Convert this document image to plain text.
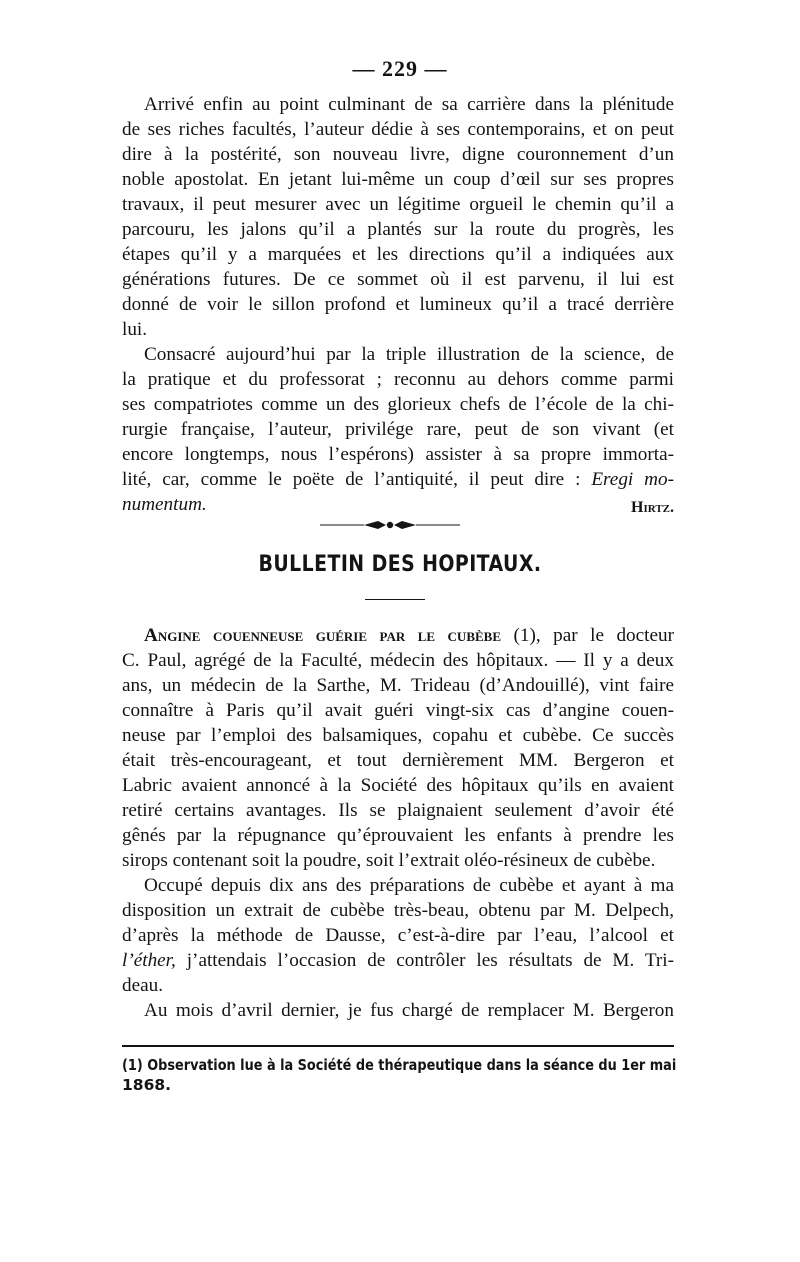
— 229 —
Arrivé enfin au point culminant de sa carrière dans la plénitude
de ses riches facultés, l’auteur dédie à ses contemporains, et on peut
dire à la postérité, son nouveau livre, digne couronnement d’un
noble apostolat. En jetant lui-même un coup d’œil sur ses propres
travaux, il peut mesurer avec un légitime orgueil le chemin qu’il a
parcouru, les jalons qu’il a plantés sur la route du progrès, les
étapes qu’il y a marquées et les directions qu’il a indiquées aux
générations futures. De ce sommet où il est parvenu, il lui est
donné de voir le sillon profond et lumineux qu’il a tracé derrière
lui.
Consacré aujourd’hui par la triple illustration de la science, de
la pratique et du professorat ; reconnu au dehors comme parmi
ses compatriotes comme un des glorieux chefs de l’école de la chi-
rurgie française, l’auteur, privilége rare, peut de son vivant (et
encore longtemps, nous l’espérons) assister à sa propre immorta-
lité, car, comme le poëte de l’antiquité, il peut dire : Eregi mo-
numentum.	Hirtz.
BULLETIN DES HOPITAUX.
Angine couenneuse guérie par le cubèbe (1), par le docteur
C. Paul, agrégé de la Faculté, médecin des hôpitaux. — Il y a deux
ans, un médecin de la Sarthe, M. Trideau (d’Andouillé), vint faire
connaître à Paris qu’il avait guéri vingt-six cas d’angine couen-
neuse par l’emploi des balsamiques, copahu et cubèbe. Ce succès
était très-encourageant, et tout dernièrement MM. Bergeron et
Labric avaient annoncé à la Société des hôpitaux qu’ils en avaient
retiré certains avantages. Ils se plaignaient seulement d’avoir été
gênés par la répugnance qu’éprouvaient les enfants à prendre les
sirops contenant soit la poudre, soit l’extrait oléo-résineux de cubèbe.
Occupé depuis dix ans des préparations de cubèbe et ayant à ma
disposition un extrait de cubèbe très-beau, obtenu par M. Delpech,
d’après la méthode de Dausse, c’est-à-dire par l’eau, l’alcool et
l’éther, j’attendais l’occasion de contrôler les résultats de M. Tri-
deau.
Au mois d’avril dernier, je fus chargé de remplacer M. Bergeron
(1) Observation lue à la Société de thérapeutique dans la séance du 1er mai
1868.
